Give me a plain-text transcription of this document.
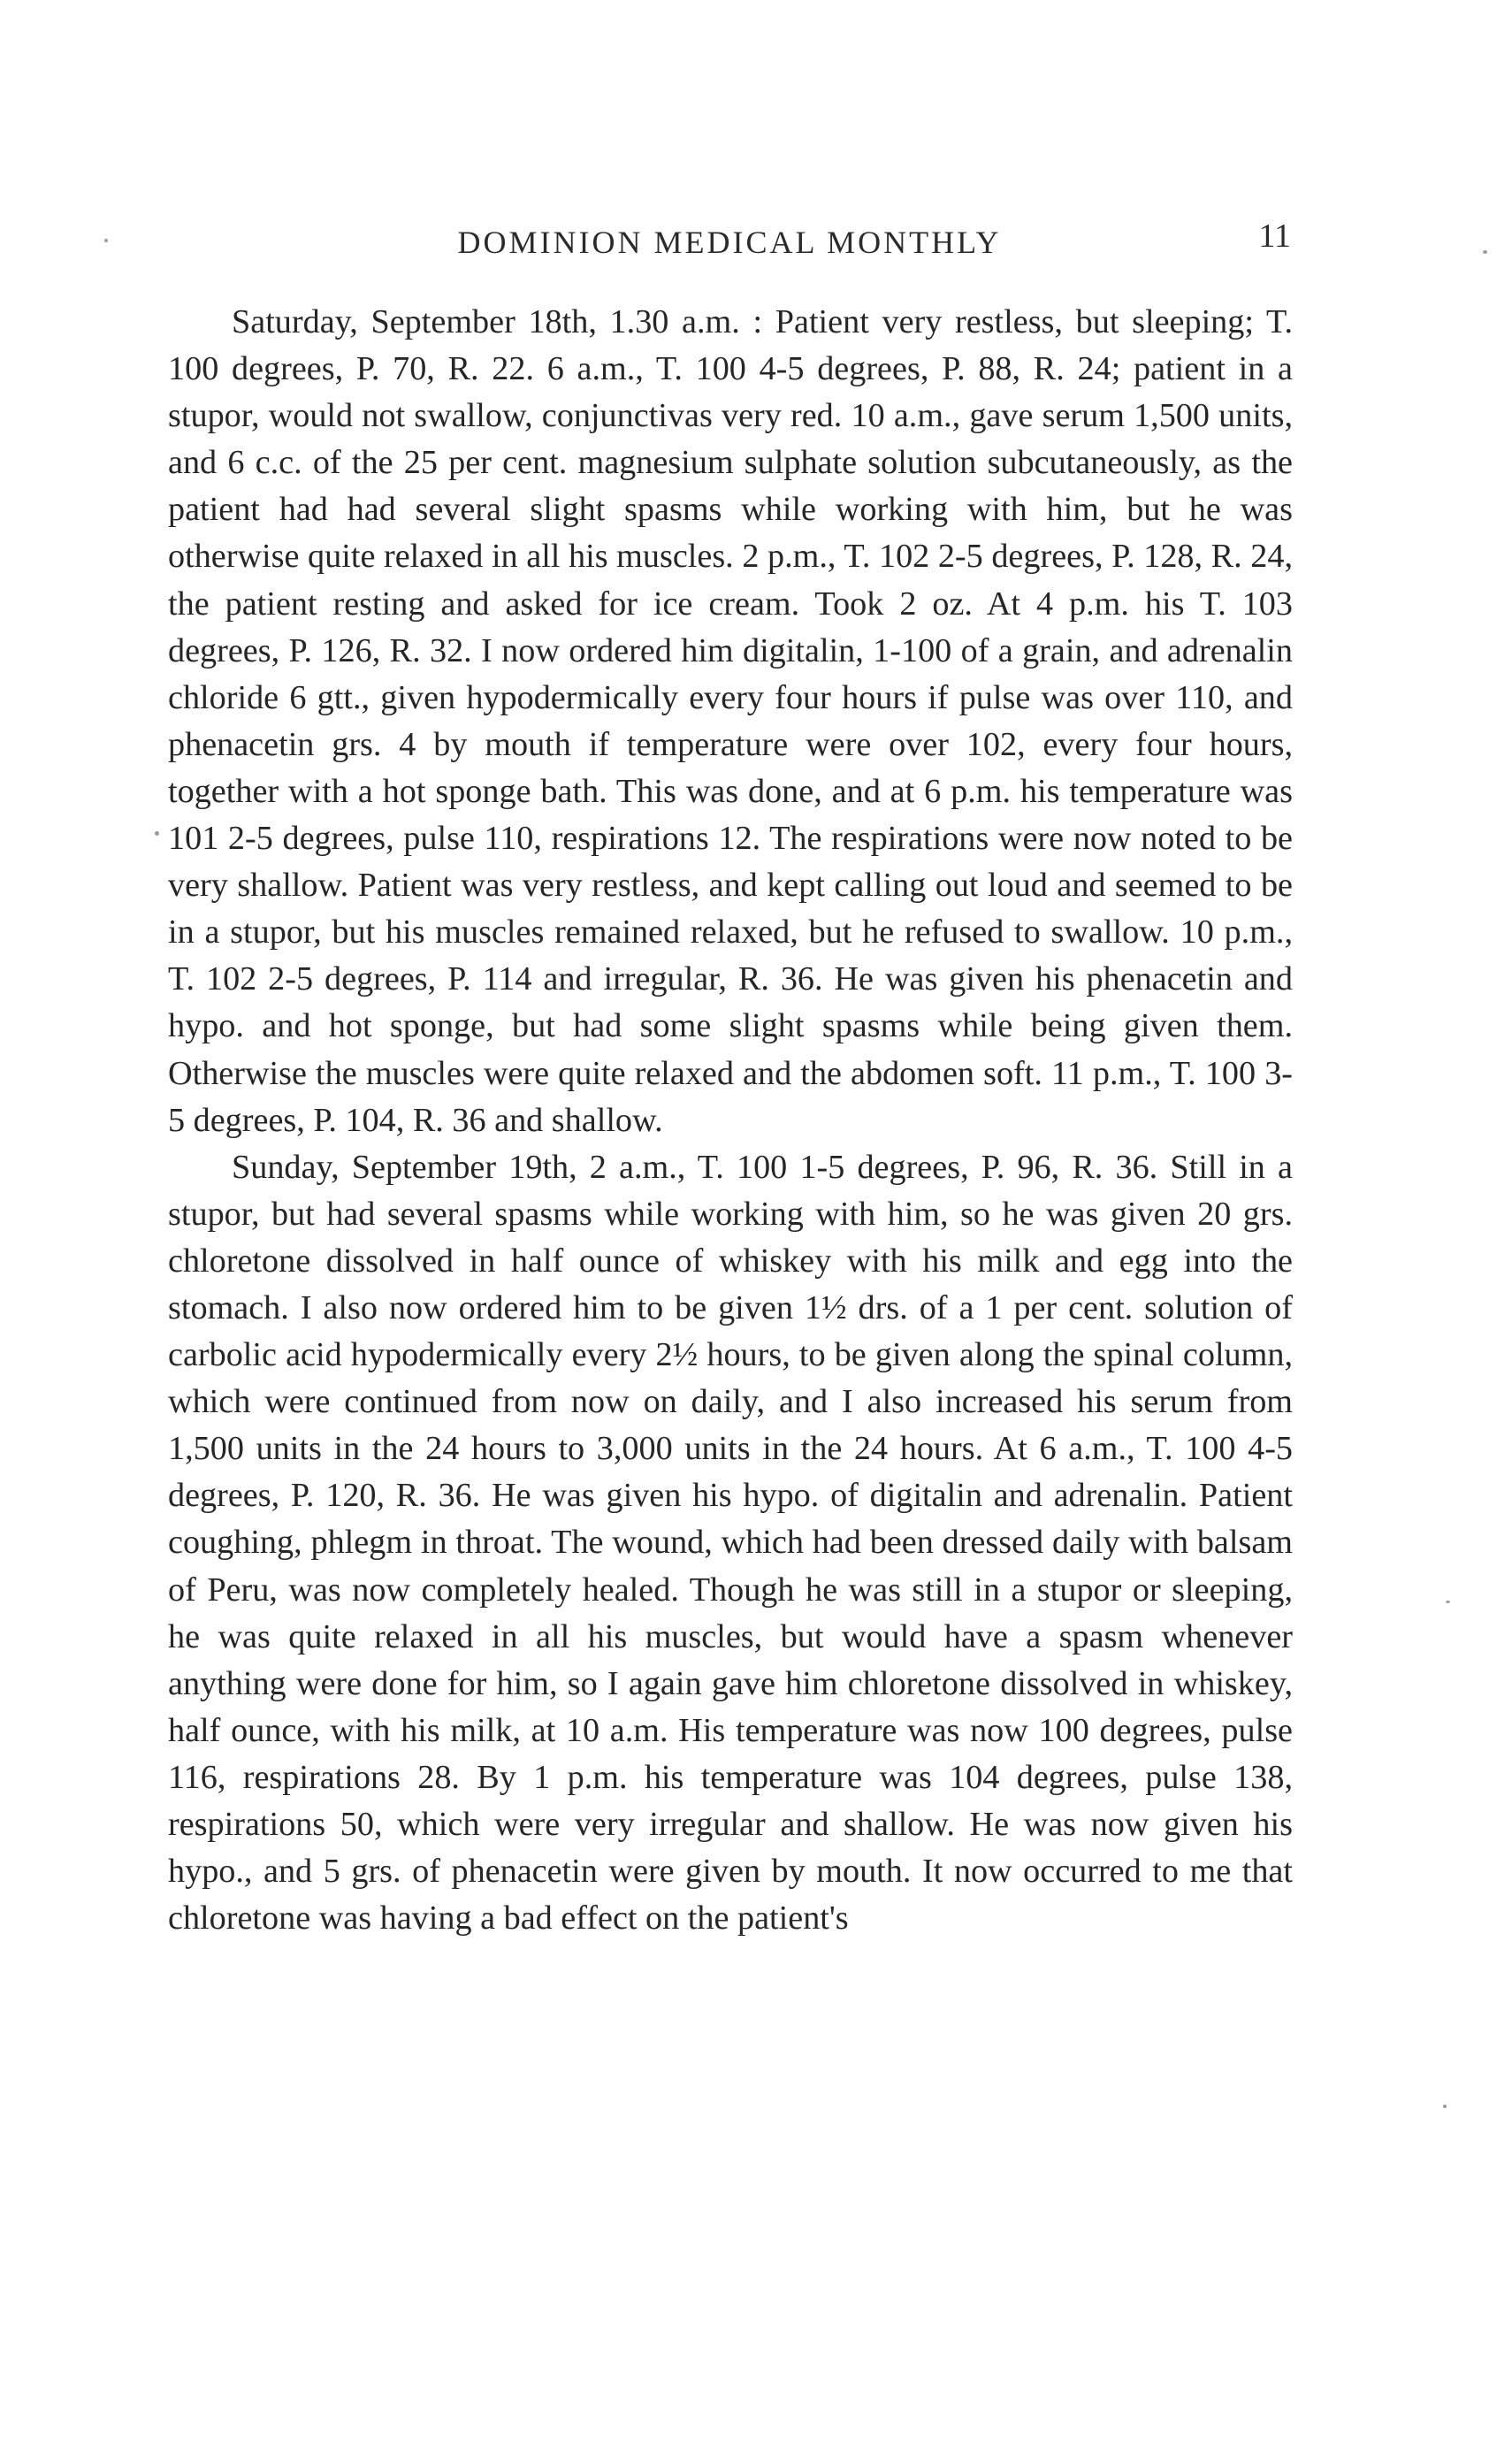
DOMINION MEDICAL MONTHLY	11

Saturday, September 18th, 1.30 a.m. : Patient very restless, but sleeping; T. 100 degrees, P. 70, R. 22. 6 a.m., T. 100 4-5 degrees, P. 88, R. 24; patient in a stupor, would not swallow, conjunctivas very red. 10 a.m., gave serum 1,500 units, and 6 c.c. of the 25 per cent. magnesium sulphate solution subcutaneously, as the patient had had several slight spasms while working with him, but he was otherwise quite relaxed in all his muscles. 2 p.m., T. 102 2-5 degrees, P. 128, R. 24, the patient resting and asked for ice cream. Took 2 oz. At 4 p.m. his T. 103 degrees, P. 126, R. 32. I now ordered him digitalin, 1-100 of a grain, and adrenalin chloride 6 gtt., given hypodermically every four hours if pulse was over 110, and phenacetin grs. 4 by mouth if temperature were over 102, every four hours, together with a hot sponge bath. This was done, and at 6 p.m. his temperature was 101 2-5 degrees, pulse 110, respirations 12. The respirations were now noted to be very shallow. Patient was very restless, and kept calling out loud and seemed to be in a stupor, but his muscles remained relaxed, but he refused to swallow. 10 p.m., T. 102 2-5 degrees, P. 114 and irregular, R. 36. He was given his phenacetin and hypo. and hot sponge, but had some slight spasms while being given them. Otherwise the muscles were quite relaxed and the abdomen soft. 11 p.m., T. 100 3-5 degrees, P. 104, R. 36 and shallow.

Sunday, September 19th, 2 a.m., T. 100 1-5 degrees, P. 96, R. 36. Still in a stupor, but had several spasms while working with him, so he was given 20 grs. chloretone dissolved in half ounce of whiskey with his milk and egg into the stomach. I also now ordered him to be given 1½ drs. of a 1 per cent. solution of carbolic acid hypodermically every 2½ hours, to be given along the spinal column, which were continued from now on daily, and I also increased his serum from 1,500 units in the 24 hours to 3,000 units in the 24 hours. At 6 a.m., T. 100 4-5 degrees, P. 120, R. 36. He was given his hypo. of digitalin and adrenalin. Patient coughing, phlegm in throat. The wound, which had been dressed daily with balsam of Peru, was now completely healed. Though he was still in a stupor or sleeping, he was quite relaxed in all his muscles, but would have a spasm whenever anything were done for him, so I again gave him chloretone dissolved in whiskey, half ounce, with his milk, at 10 a.m. His temperature was now 100 degrees, pulse 116, respirations 28. By 1 p.m. his temperature was 104 degrees, pulse 138, respirations 50, which were very irregular and shallow. He was now given his hypo., and 5 grs. of phenacetin were given by mouth. It now occurred to me that chloretone was having a bad effect on the patient's
